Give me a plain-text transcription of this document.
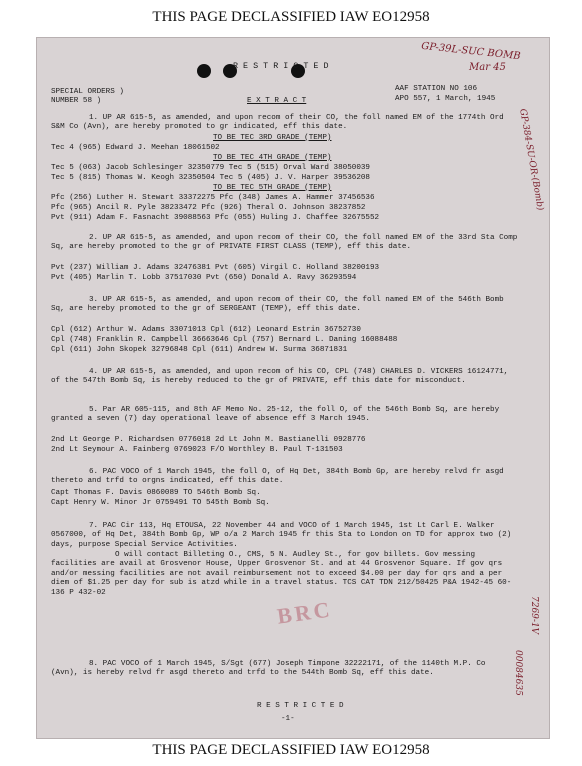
THIS PAGE DECLASSIFIED IAW EO12958
R E S T R I C T E D
GP-39L-SUC BOMB
Mar 45
SPECIAL ORDERS )
NUMBER 58 )
AAF STATION NO 106
APO 557, 1 March, 1945
E X T R A C T
GP-384-SU-OR-(Bomb)
1. UP AR 615-5, as amended, and upon recom of their CO, the foll named EM of the 1774th Ord S&M Co (Avn), are hereby promoted to gr indicated, eff this date.
TO BE TEC 3RD GRADE (TEMP)
Tec 4 (965) Edward J. Meehan 18061502
TO BE TEC 4TH GRADE (TEMP)
Tec 5 (063) Jacob Schlesinger 32350779 Tec 5 (515) Orval Ward 38050039
Tec 5 (815) Thomas W. Keogh 32350504 Tec 5 (405) J. V. Harper 39536208
TO BE TEC 5TH GRADE (TEMP)
Pfc (256) Luther H. Stewart 33372275 Pfc (348) James A. Hammer 37456536
Pfc (965) Ancil R. Pyle 38233472 Pfc (926) Theral O. Johnson 38237852
Pvt (911) Adam F. Fasnacht 39088563 Pfc (055) Huling J. Chaffee 32675552
2. UP AR 615-5, as amended, and upon recom of their CO, the foll named EM of the 33rd Sta Comp Sq, are hereby promoted to the gr of PRIVATE FIRST CLASS (TEMP), eff this date.
Pvt (237) William J. Adams 32476381 Pvt (605) Virgil C. Holland 38200193
Pvt (405) Marlin T. Lobb 37517030 Pvt (650) Donald A. Ravy 36293594
3. UP AR 615-5, as amended, and upon recom of their CO, the foll named EM of the 546th Bomb Sq, are hereby promoted to the gr of SERGEANT (TEMP), eff this date.
Cpl (612) Arthur W. Adams 33071013 Cpl (612) Leonard Estrin 36752730
Cpl (748) Franklin R. Campbell 36663646 Cpl (757) Bernard L. Daning 16088488
Cpl (611) John Skopek 32796848 Cpl (611) Andrew W. Surma 36871831
4. UP AR 615-5, as amended, and upon recom of his CO, CPL (748) CHARLES D. VICKERS 16124771, of the 547th Bomb Sq, is hereby reduced to the gr of PRIVATE, eff this date for misconduct.
5. Par AR 605-115, and 8th AF Memo No. 25-12, the foll O, of the 546th Bomb Sq, are hereby granted a seven (7) day operational leave of absence eff 3 March 1945.
2nd Lt George P. Richardsen 0776018 2d Lt John M. Bastianelli 0928776
2nd Lt Seymour A. Fainberg 0769023 F/O Worthley B. Paul T-131503
6. PAC VOCO of 1 March 1945, the foll O, of Hq Det, 384th Bomb Gp, are hereby relvd fr asgd thereto and trfd to orgns indicated, eff this date.
Capt Thomas F. Davis 0860089 TO 546th Bomb Sq.
Capt Henry W. Minor Jr 0759491 TO 545th Bomb Sq.
7. PAC Cir 113, Hq ETOUSA, 22 November 44 and VOCO of 1 March 1945, 1st Lt Carl E. Walker 0567000, of Hq Det, 384th Bomb Gp, WP o/a 2 March 1945 fr this Sta to London on TD for approx two (2) days, purpose Special Service Activities.
O will contact Billeting O., CMS, 5 N. Audley St., for gov billets. Gov messing facilities are avail at Grosvenor House, Upper Grosvenor St. and at 44 Grosvenor Square. If gov qrs and/or messing facilities are not avail reimbursement not to exceed $4.00 per day for qrs and a per diem of $1.25 per day for sub is atzd while in a travel status. TCS CAT TDN 212/50425 P&A 1942-45 60-136 P 432-02
BRC	7269-1V
00084635
8. PAC VOCO of 1 March 1945, S/Sgt (677) Joseph Timpone 32222171, of the 1140th M.P. Co (Avn), is hereby relvd fr asgd thereto and trfd to the 544th Bomb Sq, eff this date.
R E S T R I C T E D
-1-
THIS PAGE DECLASSIFIED IAW EO12958
